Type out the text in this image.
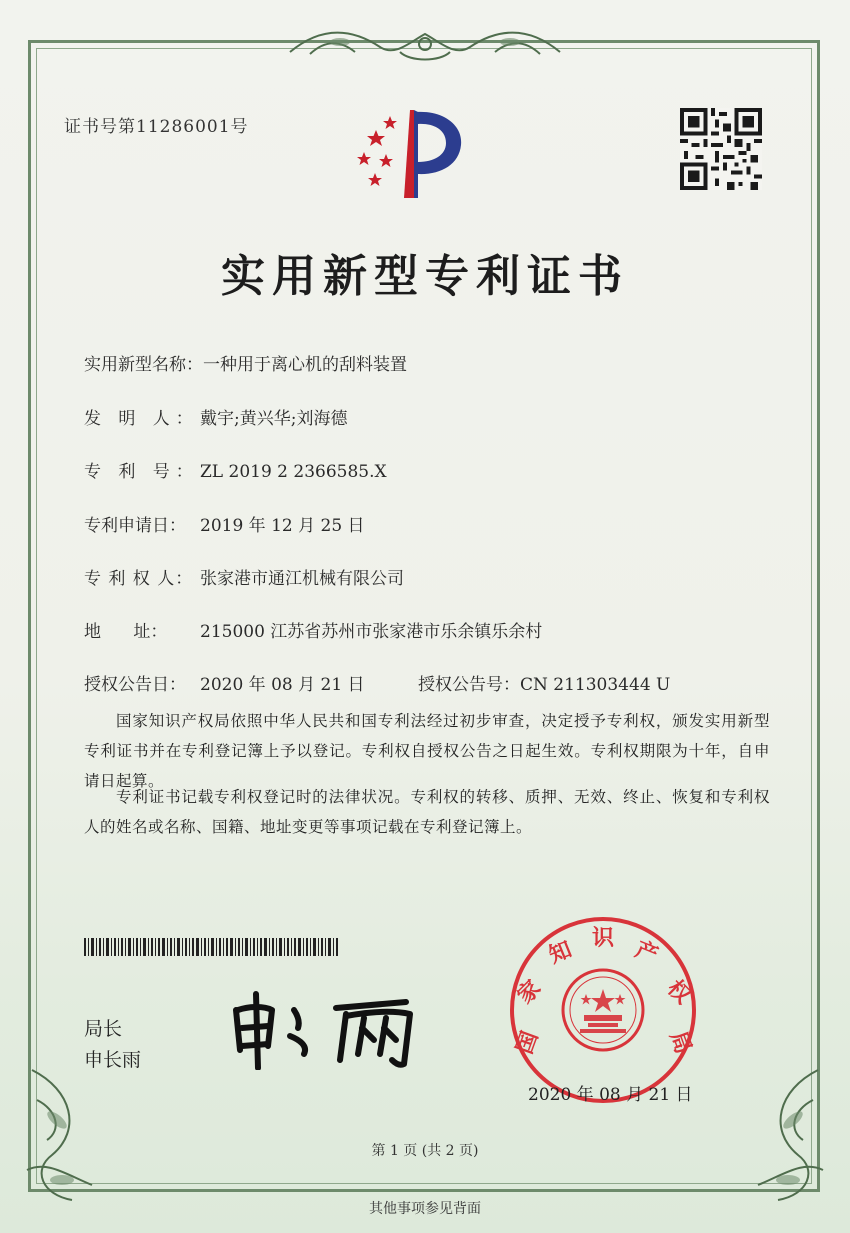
证书号第11286001号
实用新型专利证书
实用新型名称：一种用于离心机的刮料装置
发 明 人：戴宇;黄兴华;刘海德
专 利 号：ZL 2019 2 2366585.X
专利申请日： 2019 年 12 月 25 日
专 利 权 人： 张家港市通江机械有限公司
地      址： 215000 江苏省苏州市张家港市乐余镇乐余村
授权公告日： 2020 年 08 月 21 日	授权公告号：CN 211303444 U
国家知识产权局依照中华人民共和国专利法经过初步审查，决定授予专利权，颁发实用新型专利证书并在专利登记簿上予以登记。专利权自授权公告之日起生效。专利权期限为十年，自申请日起算。
专利证书记载专利权登记时的法律状况。专利权的转移、质押、无效、终止、恢复和专利权人的姓名或名称、国籍、地址变更等事项记载在专利登记簿上。
局长
申长雨
国
家
知 识 产
权
局
2020 年 08 月 21 日
第 1 页 (共 2 页)
其他事项参见背面
